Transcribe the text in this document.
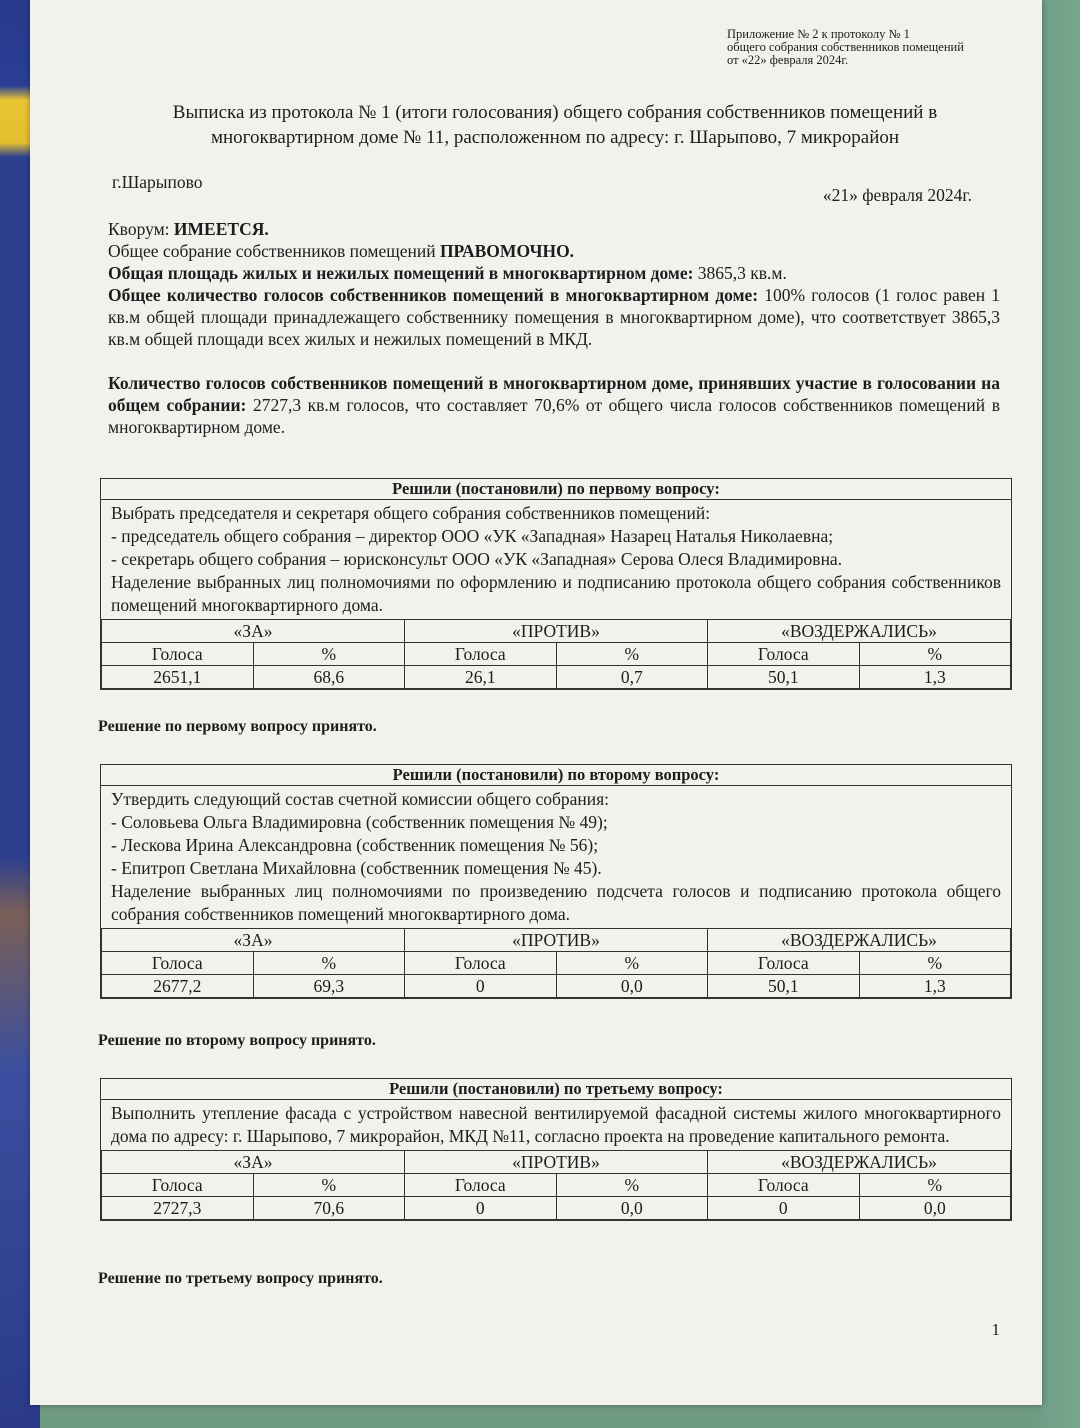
Приложение № 2 к протоколу № 1
общего собрания собственников помещений
от «22» февраля 2024г.
Выписка из протокола № 1 (итоги голосования) общего собрания собственников помещений в
многоквартирном доме № 11, расположенном по адресу: г. Шарыпово, 7 микрорайон
г.Шарыпово
«21» февраля 2024г.

Кворум: ИМЕЕТСЯ.

Общее собрание собственников помещений ПРАВОМОЧНО.

Общая площадь жилых и нежилых помещений в многоквартирном доме: 3865,3 кв.м.

Общее количество голосов собственников помещений в многоквартирном доме: 100% голосов (1 голос равен 1 кв.м общей площади принадлежащего собственнику помещения в многоквартирном доме), что соответствует 3865,3 кв.м общей площади всех жилых и нежилых помещений в МКД.

Количество голосов собственников помещений в многоквартирном доме, принявших участие в голосовании на общем собрании: 2727,3 кв.м голосов, что составляет 70,6% от общего числа голосов собственников помещений в многоквартирном доме.

Решили (постановили) по первому вопросу:

Выбрать председателя и секретаря общего собрания собственников помещений:

- председатель общего собрания – директор ООО «УК «Западная» Назарец Наталья Николаевна;

- секретарь общего собрания – юрисконсульт ООО «УК «Западная» Серова Олеся Владимировна.

Наделение выбранных лиц полномочиями по оформлению и подписанию протокола общего собрания собственников помещений многоквартирного дома.

«ЗА»		«ПРОТИВ»		«ВОЗДЕРЖАЛИСЬ»	
Голоса	%	Голоса	%	Голоса	%
2651,1	68,6	26,1	0,7	50,1	1,3
Решение по первому вопросу принято.
Решили (постановили) по второму вопросу:

Утвердить следующий состав счетной комиссии общего собрания:

- Соловьева Ольга Владимировна (собственник помещения № 49);

- Лескова Ирина Александровна (собственник помещения № 56);

- Епитроп Светлана Михайловна (собственник помещения № 45).

Наделение выбранных лиц полномочиями по произведению подсчета голосов и подписанию протокола общего собрания собственников помещений многоквартирного дома.

«ЗА»		«ПРОТИВ»		«ВОЗДЕРЖАЛИСЬ»	
Голоса	%	Голоса	%	Голоса	%
2677,2	69,3	0	0,0	50,1	1,3
Решение по второму вопросу принято.
Решили (постановили) по третьему вопросу:

Выполнить утепление фасада с устройством навесной вентилируемой фасадной системы жилого многоквартирного дома по адресу: г. Шарыпово, 7 микрорайон, МКД №11, согласно проекта на проведение капитального ремонта.

«ЗА»		«ПРОТИВ»		«ВОЗДЕРЖАЛИСЬ»	
Голоса	%	Голоса	%	Голоса	%
2727,3	70,6	0	0,0	0	0,0
Решение по третьему вопросу принято.
1
